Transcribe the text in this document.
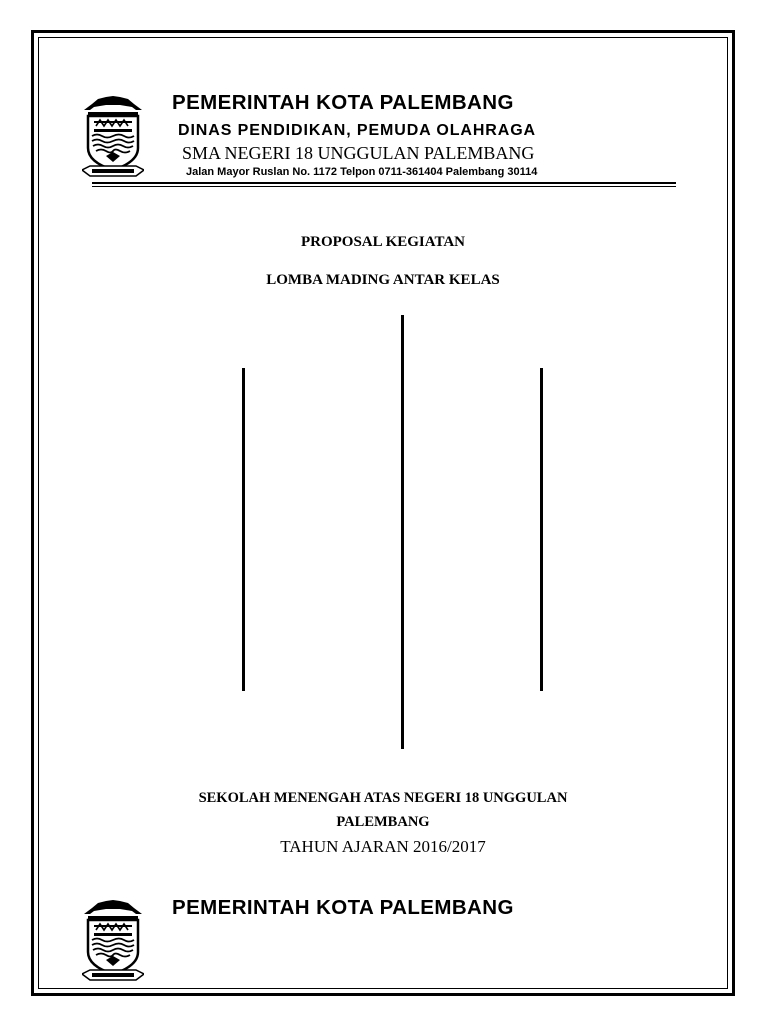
PEMERINTAH KOTA PALEMBANG
DINAS PENDIDIKAN, PEMUDA OLAHRAGA
SMA NEGERI 18 UNGGULAN PALEMBANG
Jalan Mayor Ruslan No. 1172 Telpon 0711-361404 Palembang 30114
PROPOSAL KEGIATAN
LOMBA MADING ANTAR KELAS
SEKOLAH MENENGAH ATAS NEGERI 18 UNGGULAN
PALEMBANG
TAHUN AJARAN 2016/2017
PEMERINTAH KOTA PALEMBANG
